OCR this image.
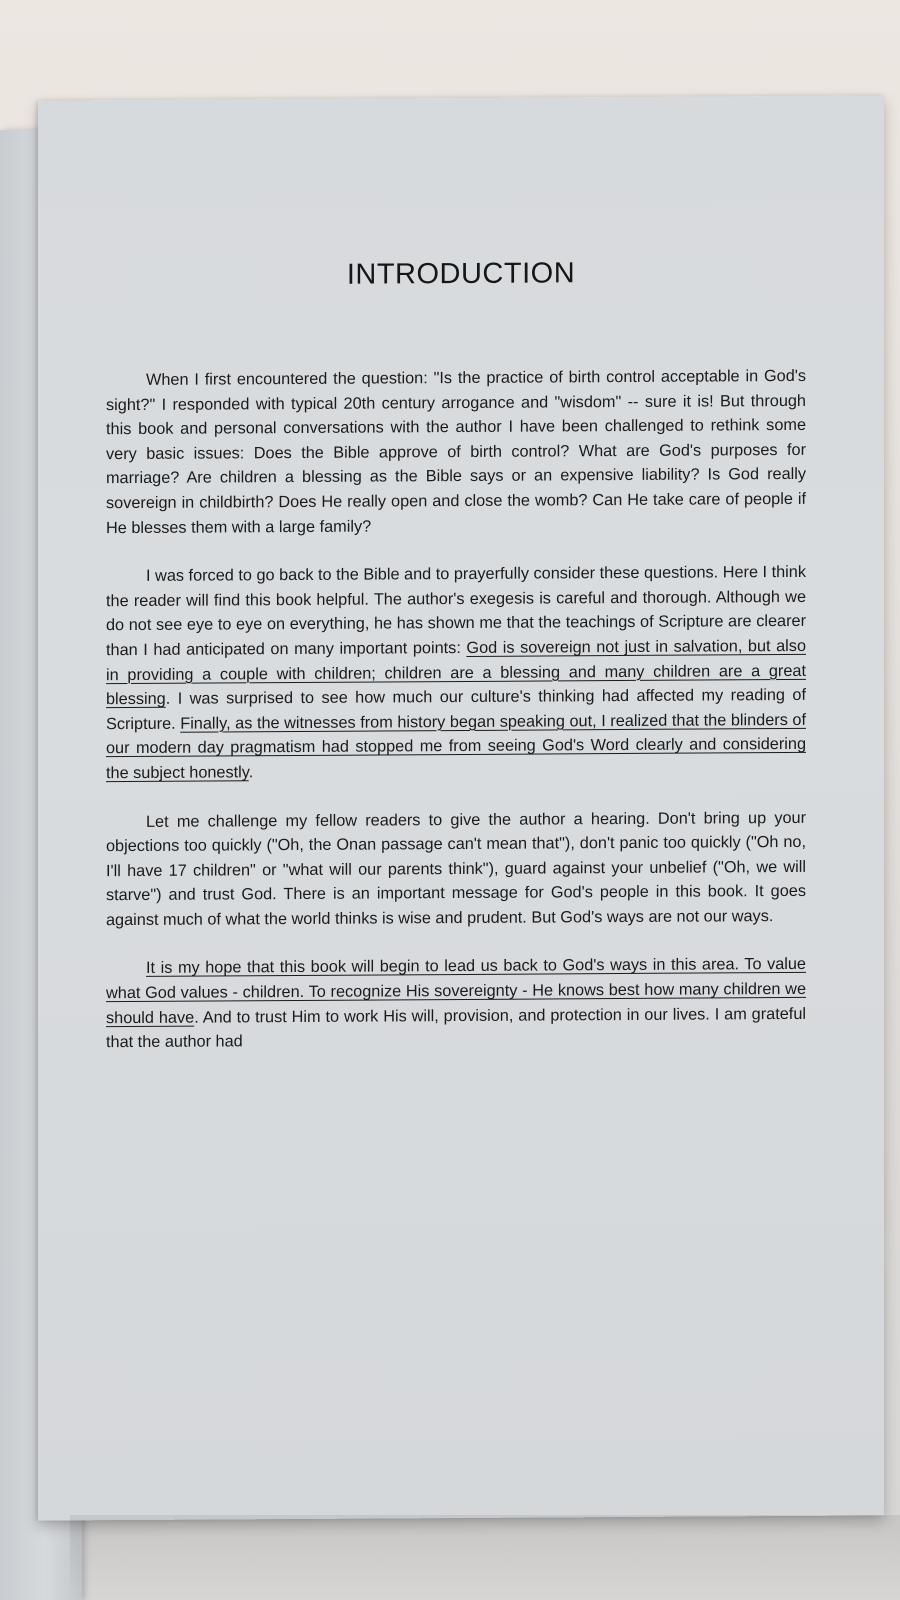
INTRODUCTION

When I first encountered the question: "Is the practice of birth control acceptable in God's sight?" I responded with typical 20th century arrogance and "wisdom" -- sure it is! But through this book and personal conversations with the author I have been challenged to rethink some very basic issues: Does the Bible approve of birth control? What are God's purposes for marriage? Are children a blessing as the Bible says or an expensive liability? Is God really sovereign in childbirth? Does He really open and close the womb? Can He take care of people if He blesses them with a large family?

I was forced to go back to the Bible and to prayerfully consider these questions. Here I think the reader will find this book helpful. The author's exegesis is careful and thorough. Although we do not see eye to eye on everything, he has shown me that the teachings of Scripture are clearer than I had anticipated on many important points: God is sovereign not just in salvation, but also in providing a couple with children; children are a blessing and many children are a great blessing. I was surprised to see how much our culture's thinking had affected my reading of Scripture. Finally, as the witnesses from history began speaking out, I realized that the blinders of our modern day pragmatism had stopped me from seeing God's Word clearly and considering the subject honestly.

Let me challenge my fellow readers to give the author a hearing. Don't bring up your objections too quickly ("Oh, the Onan passage can't mean that"), don't panic too quickly ("Oh no, I'll have 17 children" or "what will our parents think"), guard against your unbelief ("Oh, we will starve") and trust God. There is an important message for God's people in this book. It goes against much of what the world thinks is wise and prudent. But God's ways are not our ways.

It is my hope that this book will begin to lead us back to God's ways in this area. To value what God values - children. To recognize His sovereignty - He knows best how many children we should have. And to trust Him to work His will, provision, and protection in our lives. I am grateful that the author had
